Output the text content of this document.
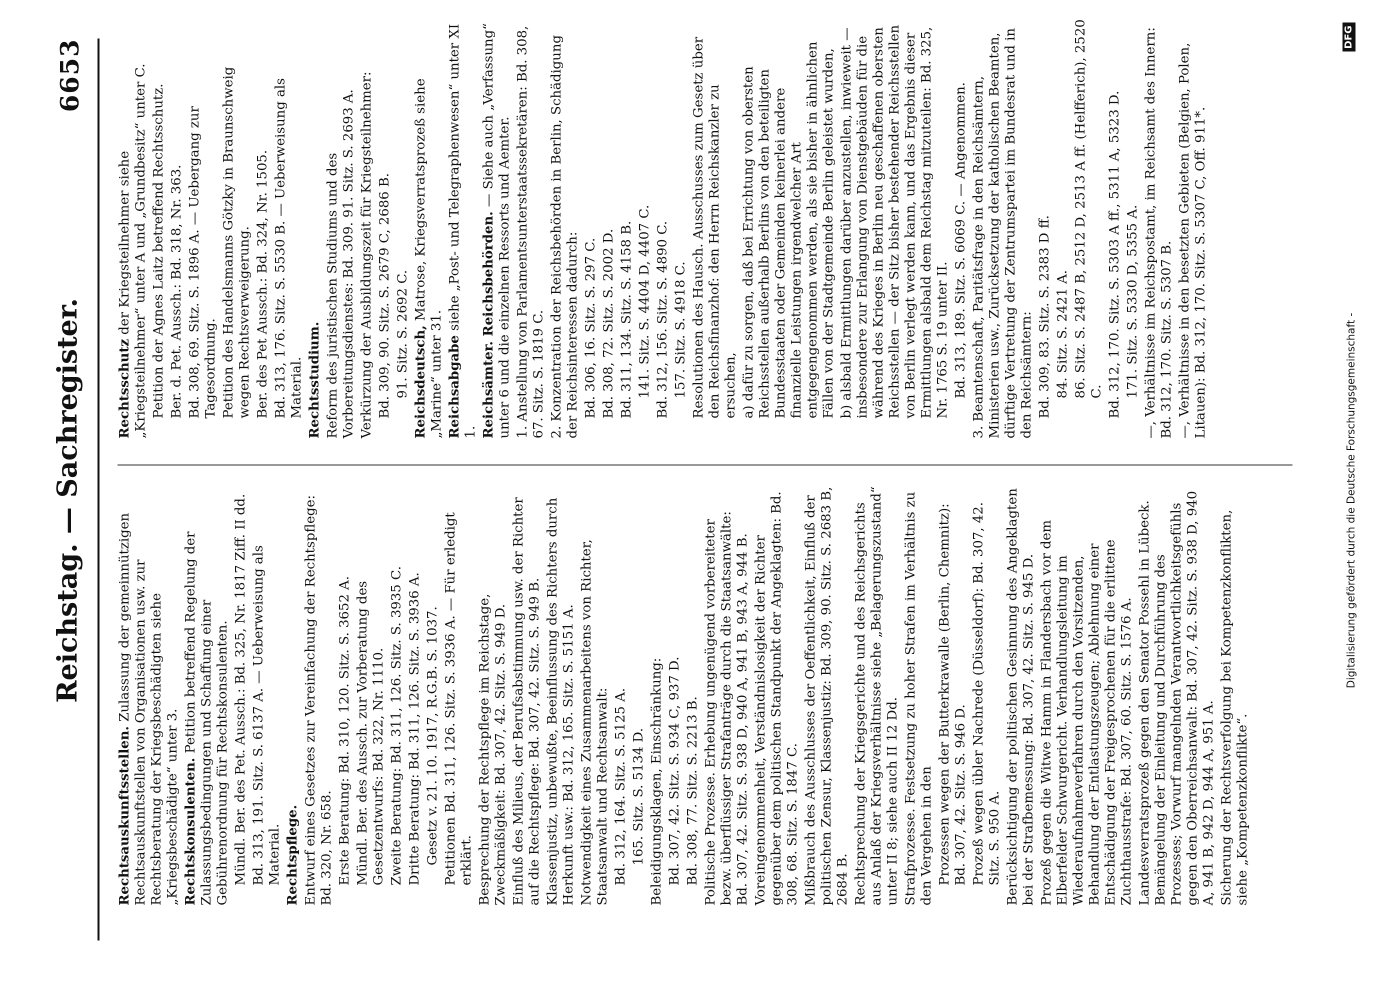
6653
Reichstag. — Sachregister.
Rechtsauskunftsstellen. Zulassung der gemeinnützigen Rechtsauskunftstellen von Organisationen usw. zur Rechtsberatung der Kriegsbeschädigten siehe „Kriegsbeschädigte“ unter 3. Rechtskonsulenten. Petition betreffend Regelung der Zulassungsbedingungen und Schaffung einer Gebührenordnung für Rechtskonsulenten. Mündl. Ber. des Pet. Aussch.: Bd. 325, Nr. 1817 Ziff. II dd. Bd. 313, 191. Sitz. S. 6137 A. — Ueberweisung als Material. Rechtspflege. Entwurf eines Gesetzes zur Vereinfachung der Rechtspflege: Bd. 320, Nr. 658. Erste Beratung: Bd. 310, 120. Sitz. S. 3652 A. Mündl. Ber. des Aussch. zur Vorberatung des Gesetzentwurfs: Bd. 322, Nr. 1110. Zweite Beratung: Bd. 311, 126. Sitz. S. 3935 C. Dritte Beratung: Bd. 311, 126. Sitz. S. 3936 A. Gesetz v. 21. 10. 1917, R.G.B. S. 1037. Petitionen Bd. 311, 126. Sitz. S. 3936 A. — Für erledigt erklärt. Besprechung der Rechtspflege im Reichstage, Zweckmäßigkeit: Bd. 307, 42. Sitz. S. 949 D. Einfluß des Milieus, der Berufsabstimmung usw. der Richter auf die Rechtspflege: Bd. 307, 42. Sitz. S. 949 B. Klassenjustiz, unbewußte, Beeinflussung des Richters durch Herkunft usw.: Bd. 312, 165. Sitz. S. 5151 A. Notwendigkeit eines Zusammenarbeitens von Richter, Staatsanwalt und Rechtsanwalt: Bd. 312, 164. Sitz. S. 5125 A. 165. Sitz. S. 5134 D. Beleidigungsklagen, Einschränkung: Bd. 307, 42. Sitz. S. 934 C, 937 D. Bd. 308, 77. Sitz. S. 2213 B. Politische Prozesse. Erhebung ungenügend vorbereiteter bezw. überflüssiger Strafanträge durch die Staatsanwälte: Bd. 307, 42. Sitz. S. 938 D, 940 A, 941 B, 943 A, 944 B. Voreingenommenheit, Verständnislosigkeit der Richter gegenüber dem politischen Standpunkt der Angeklagten: Bd. 308, 68. Sitz. S. 1847 C. Mißbrauch des Ausschlusses der Oeffentlichkeit, Einfluß der politischen Zensur, Klassenjustiz: Bd. 309, 90. Sitz. S. 2683 B, 2684 B. Rechtsprechung der Kriegsgerichte und des Reichsgerichts aus Anlaß der Kriegsverhältnisse siehe „Belagerungszustand“ unter II 8; siehe auch II 12 Dd. Strafprozesse. Festsetzung zu hoher Strafen im Verhältnis zu den Vergehen in den Prozessen wegen der Butterkrawalle (Berlin, Chemnitz): Bd. 307, 42. Sitz. S. 946 D. Prozeß wegen übler Nachrede (Düsseldorf): Bd. 307, 42. Sitz. S. 950 A. Berücksichtigung der politischen Gesinnung des Angeklagten bei der Strafbemessung: Bd. 307, 42. Sitz. S. 945 D. Prozeß gegen die Witwe Hamm in Flandersbach vor dem Elberfelder Schwurgericht. Verhandlungsleitung im Wiederaufnahmeverfahren durch den Vorsitzenden, Behandlung der Entlastungszeugen; Ablehnung einer Entschädigung der Freigesprochenen für die erlittene Zuchthausstrafe: Bd. 307, 60. Sitz. S. 1576 A. Landesverratsprozeß gegen den Senator Possehl in Lübeck. Bemängelung der Einleitung und Durchführung des Prozesses; Vorwurf mangelnden Verantwortlichkeitsgefühls gegen den Oberreichsanwalt: Bd. 307, 42. Sitz. S. 938 D, 940 A, 941 B, 942 D, 944 A, 951 A. Sicherung der Rechtsverfolgung bei Kompetenzkonflikten, siehe „Kompetenzkonflikte“.
Rechtsschutz der Kriegsteilnehmer siehe „Kriegsteilnehmer“ unter A und „Grundbesitz“ unter C. Petition der Agnes Laitz betreffend Rechtsschutz. Ber. d. Pet. Aussch.: Bd. 318, Nr. 363. Bd. 308, 69. Sitz. S. 1896 A. — Uebergang zur Tagesordnung. Petition des Handelsmanns Götzky in Braunschweig wegen Rechtsverweigerung. Ber. des Pet Aussch.: Bd. 324, Nr. 1505. Bd. 313, 176. Sitz. S. 5530 B. — Ueberweisung als Material. Rechtsstudium. Reform des juristischen Studiums und des Vorbereitungsdienstes: Bd. 309. 91. Sitz. S. 2693 A. Verkürzung der Ausbildungszeit für Kriegsteilnehmer: Bd. 309, 90. Sitz. S. 2679 C, 2686 B. 91. Sitz. S. 2692 C. Reichsdeutsch, Matrose, Kriegsverratsprozeß siehe „Marine“ unter 31. Reichsabgabe siehe „Post- und Telegraphenwesen“ unter XI 1. Reichsämter. Reichsbehörden. — Siehe auch „Verfassung“ unter 6 und die einzelnen Ressorts und Aemter. 1. Anstellung von Parlamentsunterstaatssekretären: Bd. 308, 67. Sitz. S. 1819 C. 2. Konzentration der Reichsbehörden in Berlin, Schädigung der Reichsinteressen dadurch: Bd. 306, 16. Sitz. S. 297 C. Bd. 308, 72. Sitz. S. 2002 D. Bd. 311, 134. Sitz. S. 4158 B. 141. Sitz. S. 4404 D, 4407 C. Bd. 312, 156. Sitz. S. 4890 C. 157. Sitz. S. 4918 C. Resolutionen des Hausch. Ausschusses zum Gesetz über den Reichsfinanzhof: den Herrn Reichskanzler zu ersuchen, a) dafür zu sorgen, daß bei Errichtung von obersten Reichsstellen außerhalb Berlins von den beteiligten Bundesstaaten oder Gemeinden keinerlei andere finanzielle Leistungen irgendwelcher Art entgegengenommen werden, als sie bisher in ähnlichen Fällen von der Stadtgemeinde Berlin geleistet wurden, b) alsbald Ermittlungen darüber anzustellen, inwieweit — insbesondere zur Erlangung von Dienstgebäuden für die während des Krieges in Berlin neu geschaffenen obersten Reichsstellen — der Sitz bisher bestehender Reichsstellen von Berlin verlegt werden kann, und das Ergebnis dieser Ermittlungen alsbald dem Reichstag mitzuteilen: Bd. 325, Nr. 1765 S. 19 unter II. Bd. 313, 189. Sitz. S. 6069 C. — Angenommen. 3. Beamtenschaft, Paritätsfrage in den Reichsämtern, Ministerien usw., Zurücksetzung der katholischen Beamten, dürftige Vertretung der Zentrumspartei im Bundesrat und in den Reichsämtern: Bd. 309, 83. Sitz. S. 2383 D ff. 84. Sitz. S. 2421 A. 86. Sitz. S. 2487 B, 2512 D, 2513 A ff. (Helfferich), 2520 C. Bd. 312, 170. Sitz. S. 5303 A ff., 5311 A, 5323 D. 171. Sitz. S. 5330 D, 5355 A. —, Verhältnisse im Reichspostamt, im Reichsamt des Innern: Bd. 312, 170. Sitz. S. 5307 B. —, Verhältnisse in den besetzten Gebieten (Belgien, Polen, Litauen): Bd. 312, 170. Sitz. S. 5307 C, Off. 911*.
Digitalisierung gefördert durch die Deutsche Forschungsgemeinschaft -
DFG
